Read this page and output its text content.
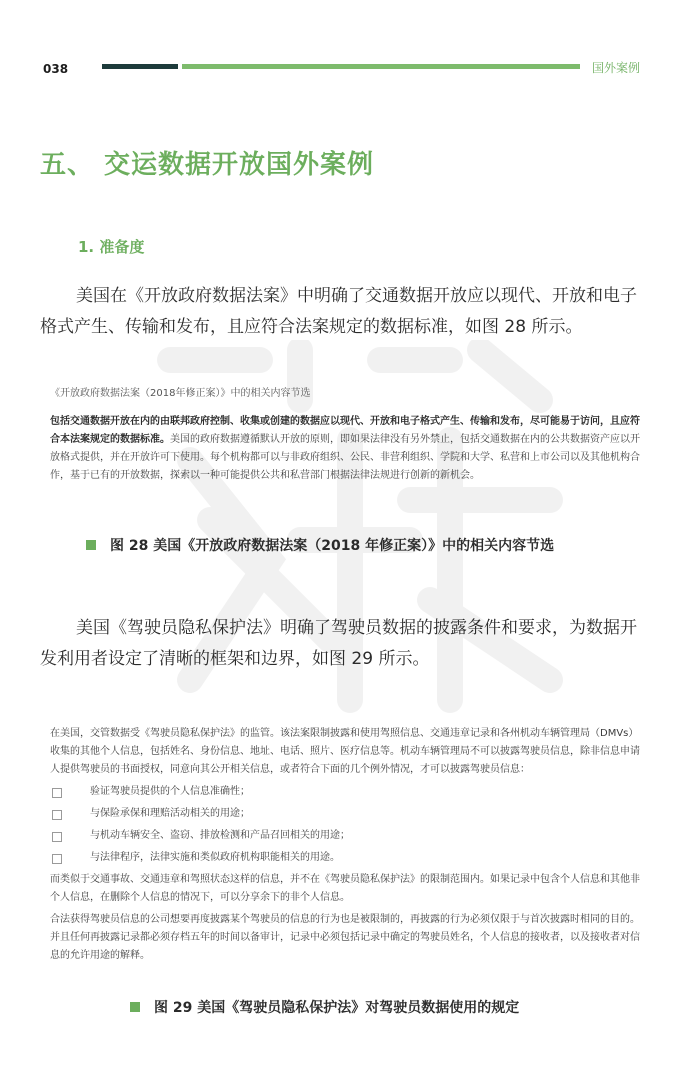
038	国外案例
五、 交运数据开放国外案例
1. 准备度
美国在《开放政府数据法案》中明确了交通数据开放应以现代、开放和电子格式产生、传输和发布，且应符合法案规定的数据标准，如图 28 所示。
《开放政府数据法案（2018年修正案）》中的相关内容节选
包括交通数据开放在内的由联邦政府控制、收集或创建的数据应以现代、开放和电子格式产生、传输和发布，尽可能易于访问，且应符合本法案规定的数据标准。美国的政府数据遵循默认开放的原则，即如果法律没有另外禁止，包括交通数据在内的公共数据资产应以开放格式提供，并在开放许可下使用。每个机构都可以与非政府组织、公民、非营利组织、学院和大学、私营和上市公司以及其他机构合作，基于已有的开放数据，探索以一种可能提供公共和私营部门根据法律法规进行创新的新机会。
图 28 美国《开放政府数据法案（2018 年修正案）》中的相关内容节选
美国《驾驶员隐私保护法》明确了驾驶员数据的披露条件和要求，为数据开发利用者设定了清晰的框架和边界，如图 29 所示。

在美国，交管数据受《驾驶员隐私保护法》的监管。该法案限制披露和使用驾照信息、交通违章记录和各州机动车辆管理局（DMVs）收集的其他个人信息，包括姓名、身份信息、地址、电话、照片、医疗信息等。机动车辆管理局不可以披露驾驶员信息，除非信息申请人提供驾驶员的书面授权，同意向其公开相关信息，或者符合下面的几个例外情况，才可以披露驾驶员信息：

验证驾驶员提供的个人信息准确性；
与保险承保和理赔活动相关的用途；
与机动车辆安全、盗窃、排放检测和产品召回相关的用途；
与法律程序，法律实施和类似政府机构职能相关的用途。

而类似于交通事故、交通违章和驾照状态这样的信息，并不在《驾驶员隐私保护法》的限制范围内。如果记录中包含个人信息和其他非个人信息，在删除个人信息的情况下，可以分享余下的非个人信息。

合法获得驾驶员信息的公司想要再度披露某个驾驶员的信息的行为也是被限制的，再披露的行为必须仅限于与首次披露时相同的目的。并且任何再披露记录都必须存档五年的时间以备审计，记录中必须包括记录中确定的驾驶员姓名，个人信息的接收者，以及接收者对信息的允许用途的解释。

图 29 美国《驾驶员隐私保护法》对驾驶员数据使用的规定
